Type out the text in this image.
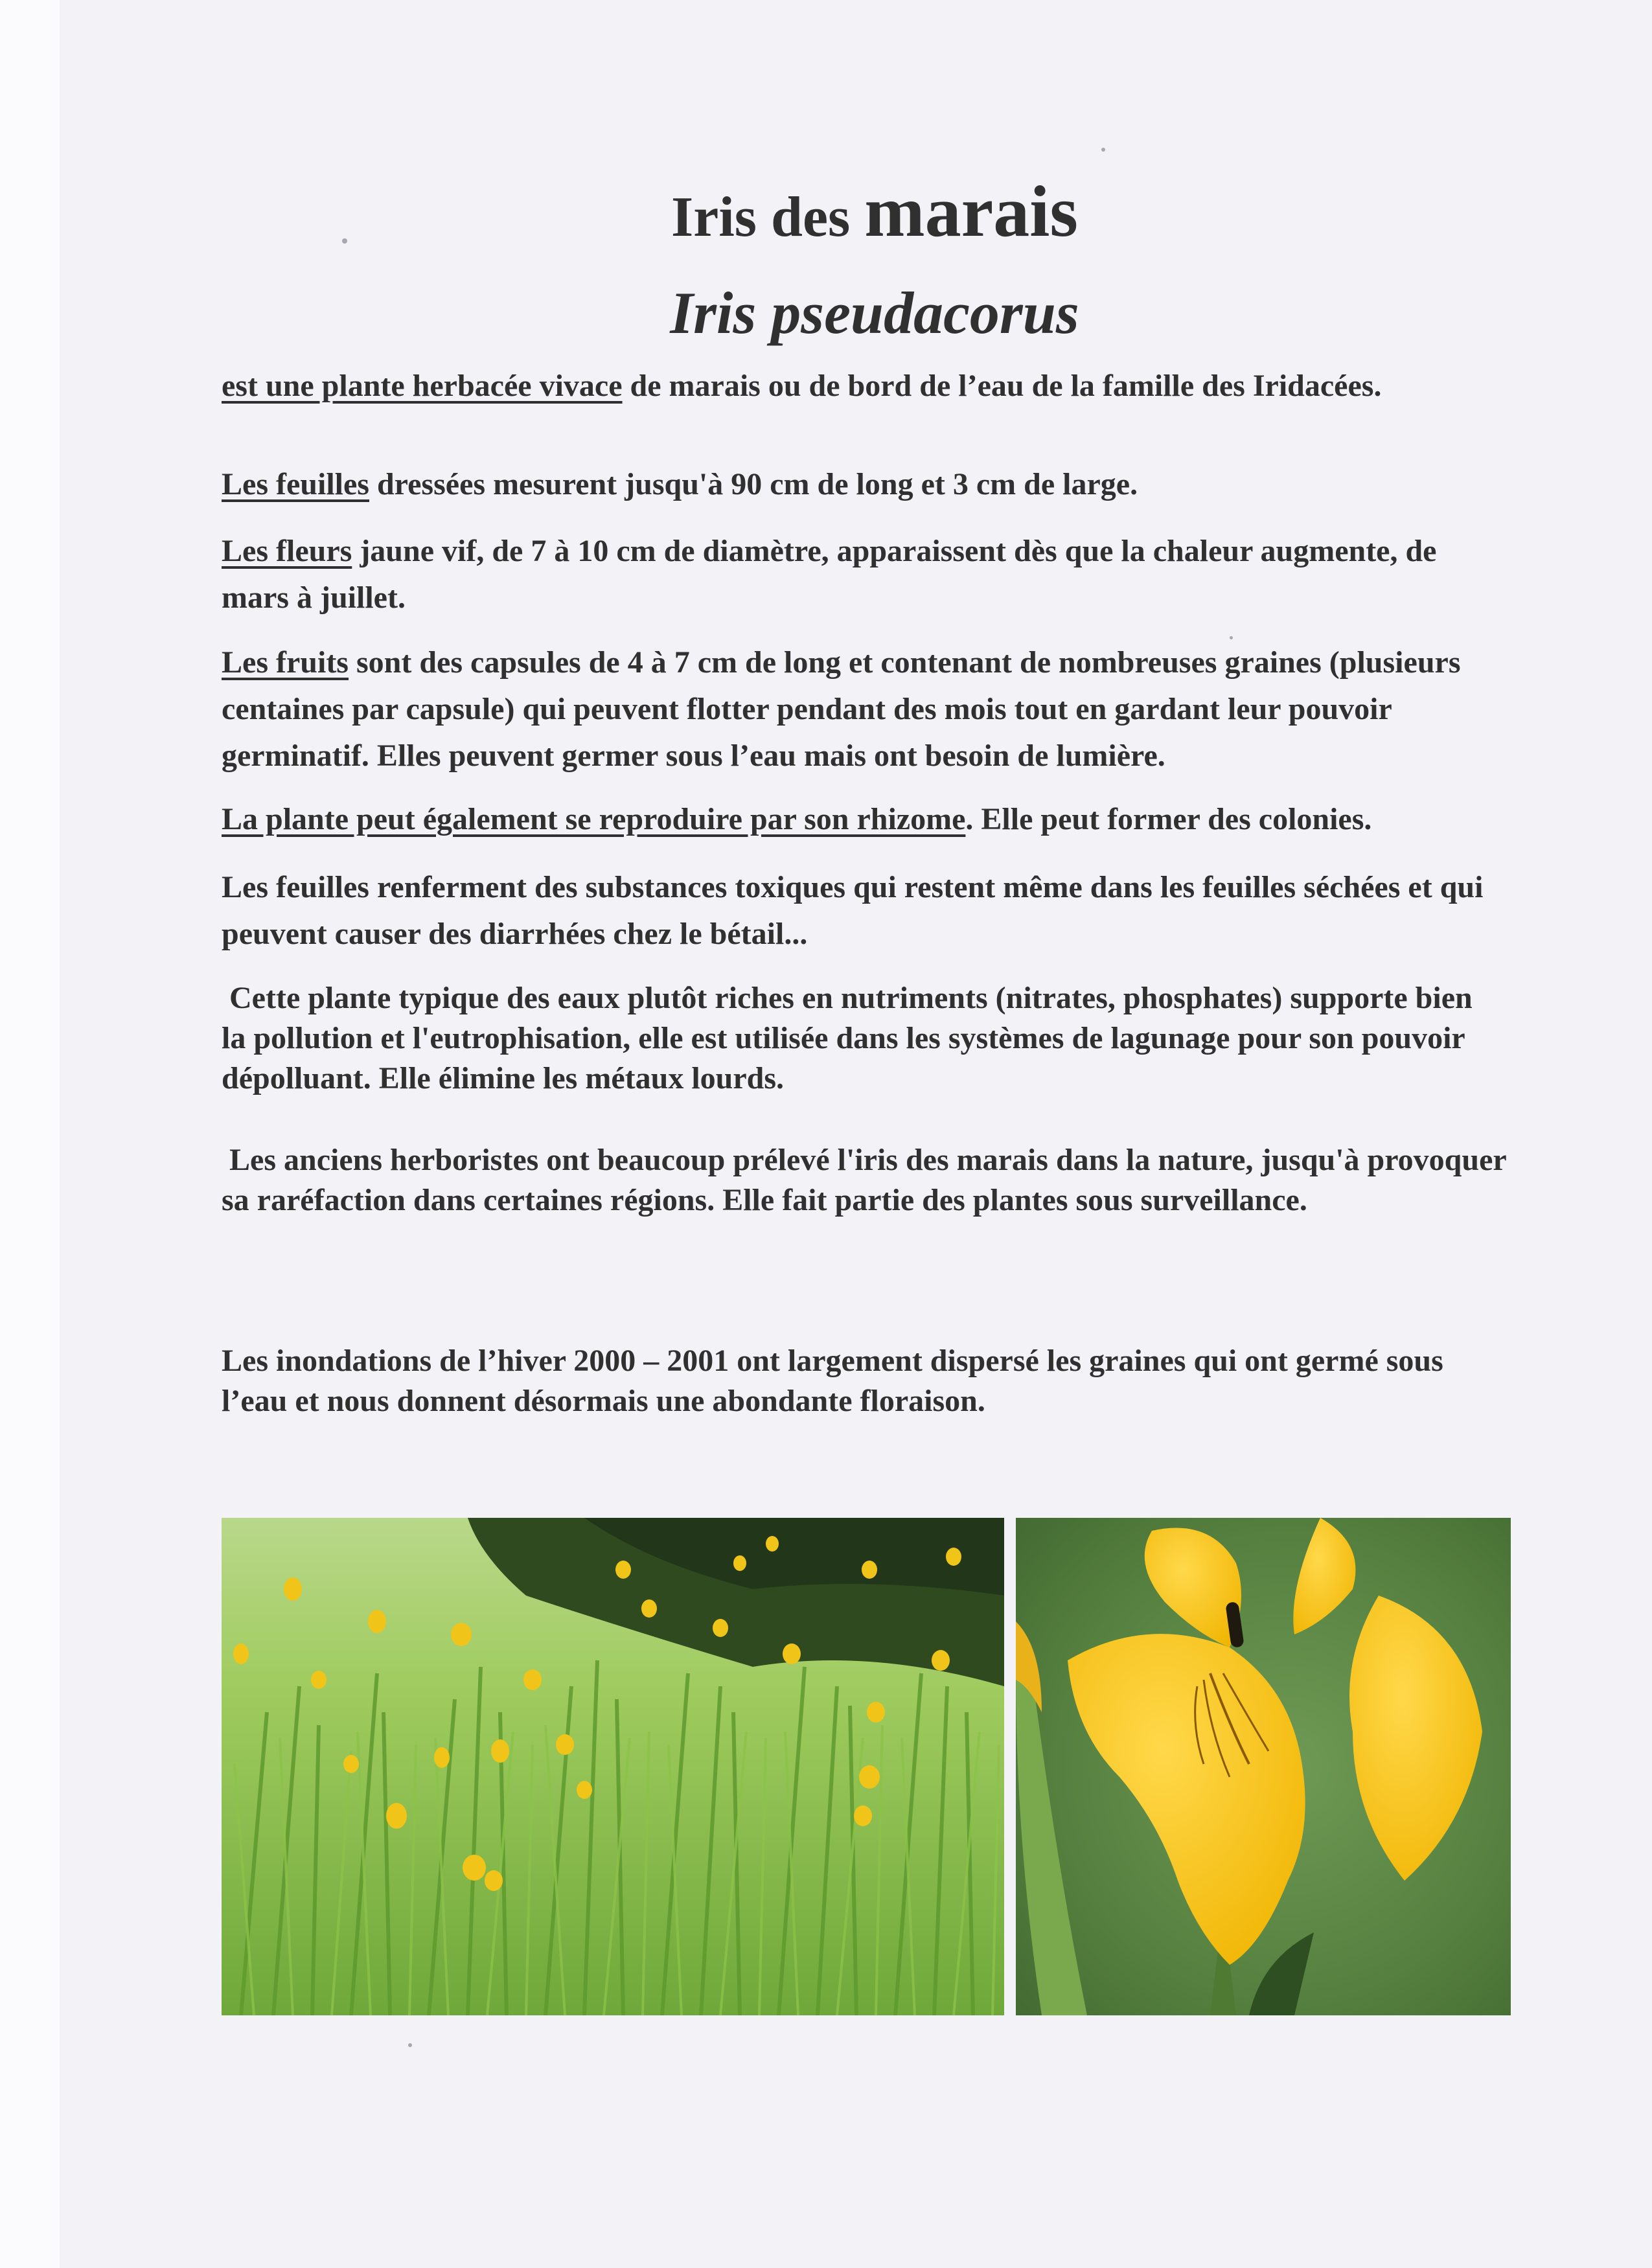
Iris des marais
Iris pseudacorus
est une plante herbacée vivace de marais ou de bord de l’eau de la famille des Iridacées.
Les feuilles dressées mesurent jusqu'à 90 cm de long et 3 cm de large.
Les fleurs jaune vif, de 7 à 10 cm de diamètre, apparaissent dès que la chaleur augmente, de mars à juillet.
Les fruits sont des capsules de 4 à 7 cm de long et contenant de nombreuses graines (plusieurs centaines par capsule) qui peuvent flotter pendant des mois tout en gardant leur pouvoir germinatif. Elles peuvent germer sous l’eau mais ont besoin de lumière.
La plante peut également se reproduire par son rhizome. Elle peut former des colonies.
Les feuilles renferment des substances toxiques qui restent même dans les feuilles séchées et qui peuvent causer des diarrhées chez le bétail...
Cette plante typique des eaux plutôt riches en nutriments (nitrates, phosphates) supporte bien la pollution et l'eutrophisation, elle est utilisée dans les systèmes de lagunage pour son pouvoir dépolluant. Elle élimine les métaux lourds.
Les anciens herboristes ont beaucoup prélevé l'iris des marais dans la nature, jusqu'à provoquer sa raréfaction dans certaines régions. Elle fait partie des plantes sous surveillance.
Les inondations de l’hiver 2000 – 2001 ont largement dispersé les graines qui ont germé sous l’eau et nous donnent désormais une abondante floraison.
